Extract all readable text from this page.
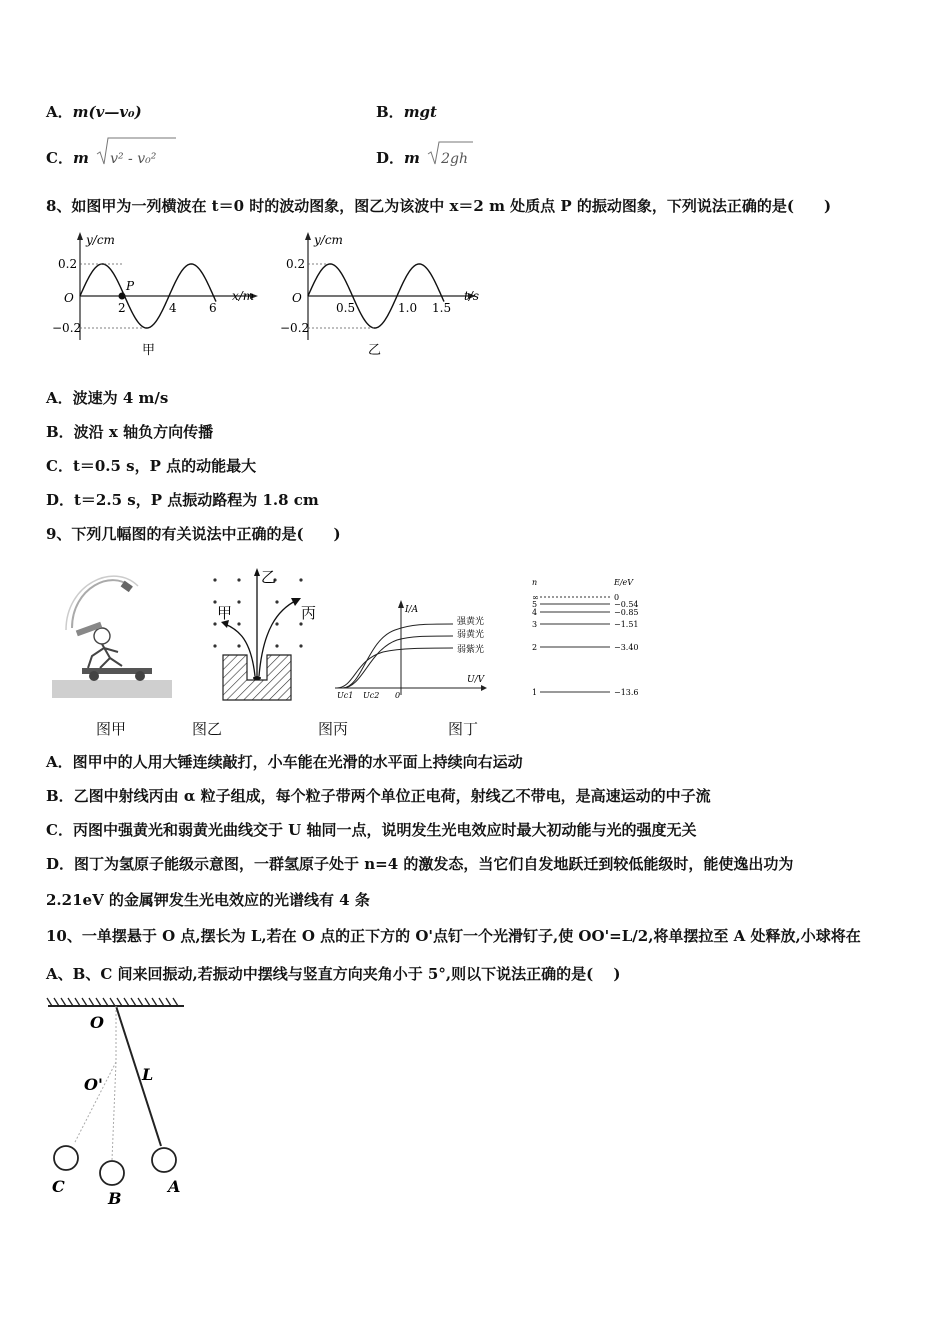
A．m(v—v₀)	B．mgt
C．m v² - v₀²	D．m 2gh
8、如图甲为一列横波在 t＝0 时的波动图象，图乙为该波中 x＝2 m 处质点 P 的振动图象，下列说法正确的是(　　)
y/cm
x/m
O
0.2
−0.2
2	4	6
P
甲
y/cm
t/s
O
0.2
−0.2
0.5	1.0 1.5
乙
A．波速为 4 m/s
B．波沿 x 轴负方向传播
C．t＝0.5 s，P 点的动能最大
D．t＝2.5 s，P 点振动路程为 1.8 cm
9、下列几幅图的有关说法中正确的是(　　)
乙
甲	丙	I/A
U/V
强黄光
弱黄光
弱紫光
Uc1 Uc2 0
n	E/eV
∞	0
5	−0.54
4	−0.85
3	−1.51
2	−3.40
1	−13.6
图甲	图乙	图丙	图丁
A．图甲中的人用大锤连续敲打，小车能在光滑的水平面上持续向右运动
B．乙图中射线丙由 α 粒子组成，每个粒子带两个单位正电荷，射线乙不带电，是高速运动的中子流
C．丙图中强黄光和弱黄光曲线交于 U 轴同一点，说明发生光电效应时最大初动能与光的强度无关
D．图丁为氢原子能级示意图，一群氢原子处于 n=4 的激发态，当它们自发地跃迁到较低能级时，能使逸出功为
2.21eV 的金属钾发生光电效应的光谱线有 4 条
10、一单摆悬于 O 点,摆长为 L,若在 O 点的正下方的 O'点钉一个光滑钉子,使 OO'=L/2,将单摆拉至 A 处释放,小球将在
A、B、C 间来回振动,若振动中摆线与竖直方向夹角小于 5°,则以下说法正确的是(　 )
O
O'
L
A
B
C
